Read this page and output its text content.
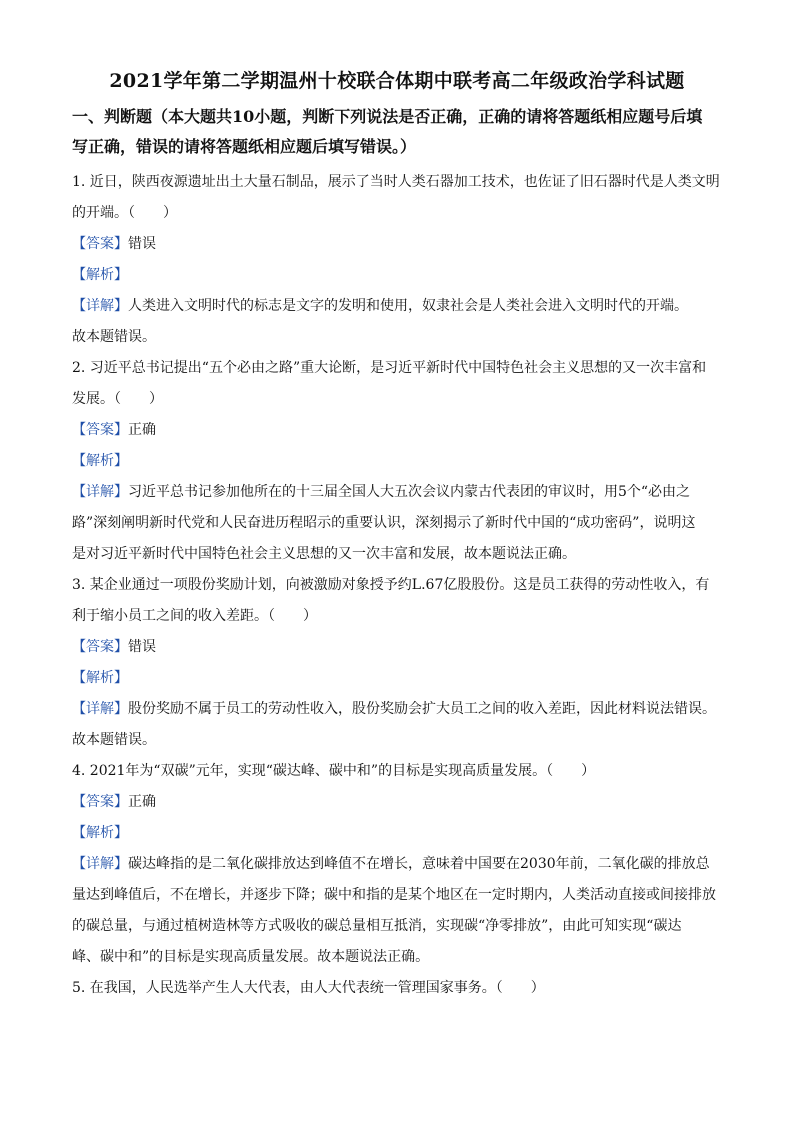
2021学年第二学期温州十校联合体期中联考高二年级政治学科试题
一、判断题（本大题共10小题，判断下列说法是否正确，正确的请将答题纸相应题号后填
写正确，错误的请将答题纸相应题后填写错误。）
1. 近日，陕西夜源遗址出土大量石制品，展示了当时人类石器加工技术，也佐证了旧石器时代是人类文明
的开端。（　　）
【答案】错误
【解析】
【详解】人类进入文明时代的标志是文字的发明和使用，奴隶社会是人类社会进入文明时代的开端。
故本题错误。
2. 习近平总书记提出“五个必由之路”重大论断，是习近平新时代中国特色社会主义思想的又一次丰富和
发展。（　　）
【答案】正确
【解析】
【详解】习近平总书记参加他所在的十三届全国人大五次会议内蒙古代表团的审议时，用5个“必由之
路”深刻阐明新时代党和人民奋进历程昭示的重要认识，深刻揭示了新时代中国的“成功密码”，说明这
是对习近平新时代中国特色社会主义思想的又一次丰富和发展，故本题说法正确。
3. 某企业通过一项股份奖励计划，向被激励对象授予约L.67亿股股份。这是员工获得的劳动性收入，有
利于缩小员工之间的收入差距。（　　）
【答案】错误
【解析】
【详解】股份奖励不属于员工的劳动性收入，股份奖励会扩大员工之间的收入差距，因此材料说法错误。
故本题错误。
4. 2021年为“双碳”元年，实现“碳达峰、碳中和”的目标是实现高质量发展。（　　）
【答案】正确
【解析】
【详解】碳达峰指的是二氧化碳排放达到峰值不在增长，意味着中国要在2030年前，二氧化碳的排放总
量达到峰值后，不在增长，并逐步下降；碳中和指的是某个地区在一定时期内，人类活动直接或间接排放
的碳总量，与通过植树造林等方式吸收的碳总量相互抵消，实现碳“净零排放”，由此可知实现“碳达
峰、碳中和”的目标是实现高质量发展。故本题说法正确。
5. 在我国，人民选举产生人大代表，由人大代表统一管理国家事务。（　　）
